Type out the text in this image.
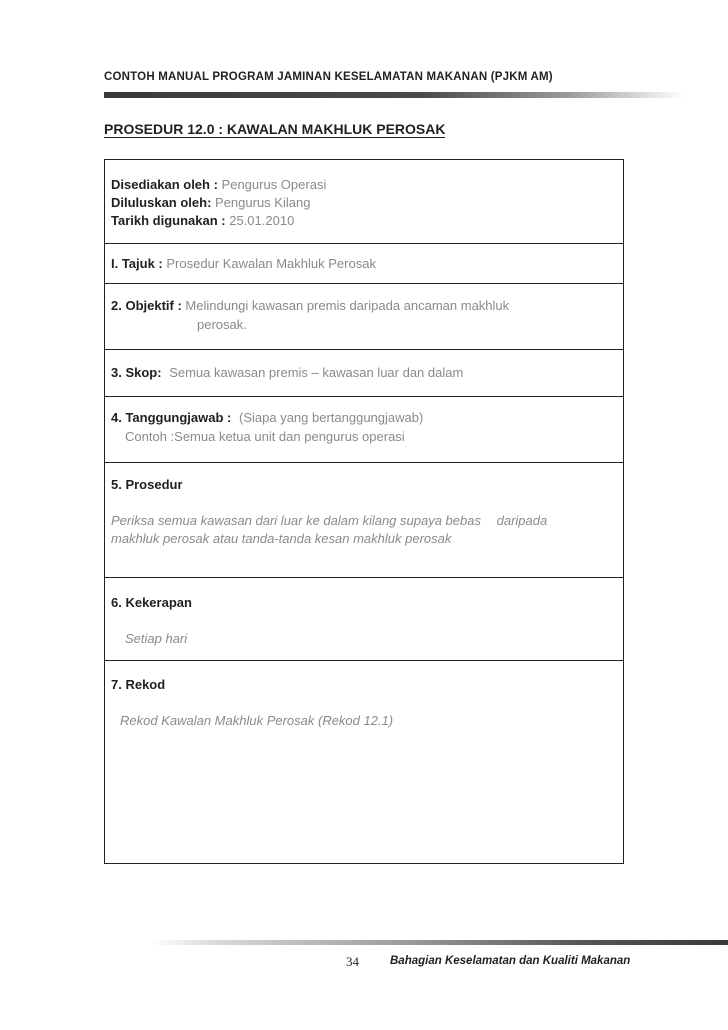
CONTOH MANUAL PROGRAM JAMINAN KESELAMATAN MAKANAN (PJKM AM)
PROSEDUR 12.0 : KAWALAN MAKHLUK PEROSAK
Disediakan oleh : Pengurus Operasi
Diluluskan oleh: Pengurus Kilang
Tarikh digunakan : 25.01.2010
I. Tajuk : Prosedur Kawalan Makhluk Perosak
2. Objektif : Melindungi kawasan premis daripada ancaman makhluk
perosak.
3. Skop: Semua kawasan premis – kawasan luar dan dalam
4. Tanggungjawab : (Siapa yang bertanggungjawab)
Contoh :Semua ketua unit dan pengurus operasi
5. Prosedur
Periksa semua kawasan dari luar ke dalam kilang supaya bebas daripada
makhluk perosak atau tanda-tanda kesan makhluk perosak
6. Kekerapan
Setiap hari
7. Rekod
Rekod Kawalan Makhluk Perosak (Rekod 12.1)
34	Bahagian Keselamatan dan Kualiti Makanan
